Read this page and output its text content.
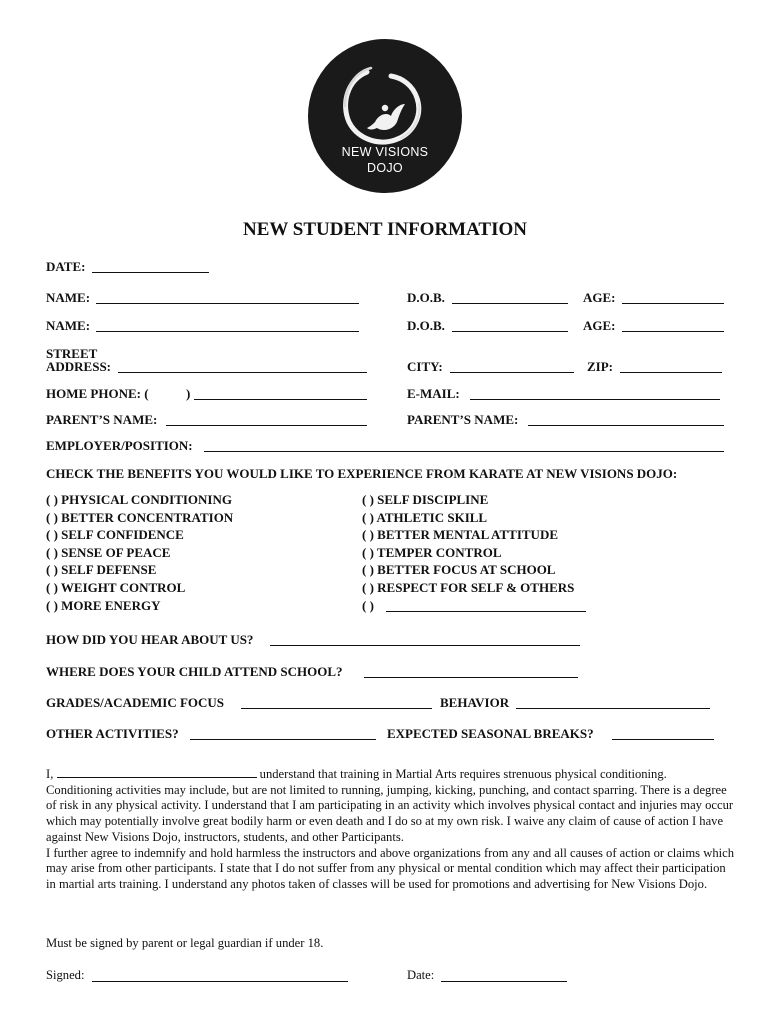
NEW VISIONS
DOJO
NEW STUDENT INFORMATION
DATE:
NAME:	D.O.B.	AGE:
NAME:	D.O.B.	AGE:
STREET
ADDRESS:	CITY:	ZIP:
HOME PHONE: (	)	E-MAIL:
PARENT’S NAME:	PARENT’S NAME:
EMPLOYER/POSITION:
CHECK THE BENEFITS YOU WOULD LIKE TO EXPERIENCE FROM KARATE AT NEW VISIONS DOJO:
( ) PHYSICAL CONDITIONING
( ) BETTER CONCENTRATION
( ) SELF CONFIDENCE
( ) SENSE OF PEACE
( ) SELF DEFENSE
( ) WEIGHT CONTROL
( ) MORE ENERGY
( ) SELF DISCIPLINE
( ) ATHLETIC SKILL
( ) BETTER MENTAL ATTITUDE
( ) TEMPER CONTROL
( ) BETTER FOCUS AT SCHOOL
( ) RESPECT FOR SELF & OTHERS
( )
HOW DID YOU HEAR ABOUT US?
WHERE DOES YOUR CHILD ATTEND SCHOOL?
GRADES/ACADEMIC FOCUS	BEHAVIOR
OTHER ACTIVITIES?	EXPECTED SEASONAL BREAKS?

I,	understand that training in Martial Arts requires strenuous physical conditioning. Conditioning activities may include, but are not limited to running, jumping, kicking, punching, and contact sparring. There is a degree of risk in any physical activity. I understand that I am participating in an activity which involves physical contact and injuries may occur which may potentially involve great bodily harm or even death and I do so at my own risk. I waive any claim of cause of action I have against New Visions Dojo, instructors, students, and other Participants.

I further agree to indemnify and hold harmless the instructors and above organizations from any and all causes of action or claims which may arise from other participants. I state that I do not suffer from any physical or mental condition which may affect their participation in martial arts training. I understand any photos taken of classes will be used for promotions and advertising for New Visions Dojo.

Must be signed by parent or legal guardian if under 18.
Signed:	Date:
